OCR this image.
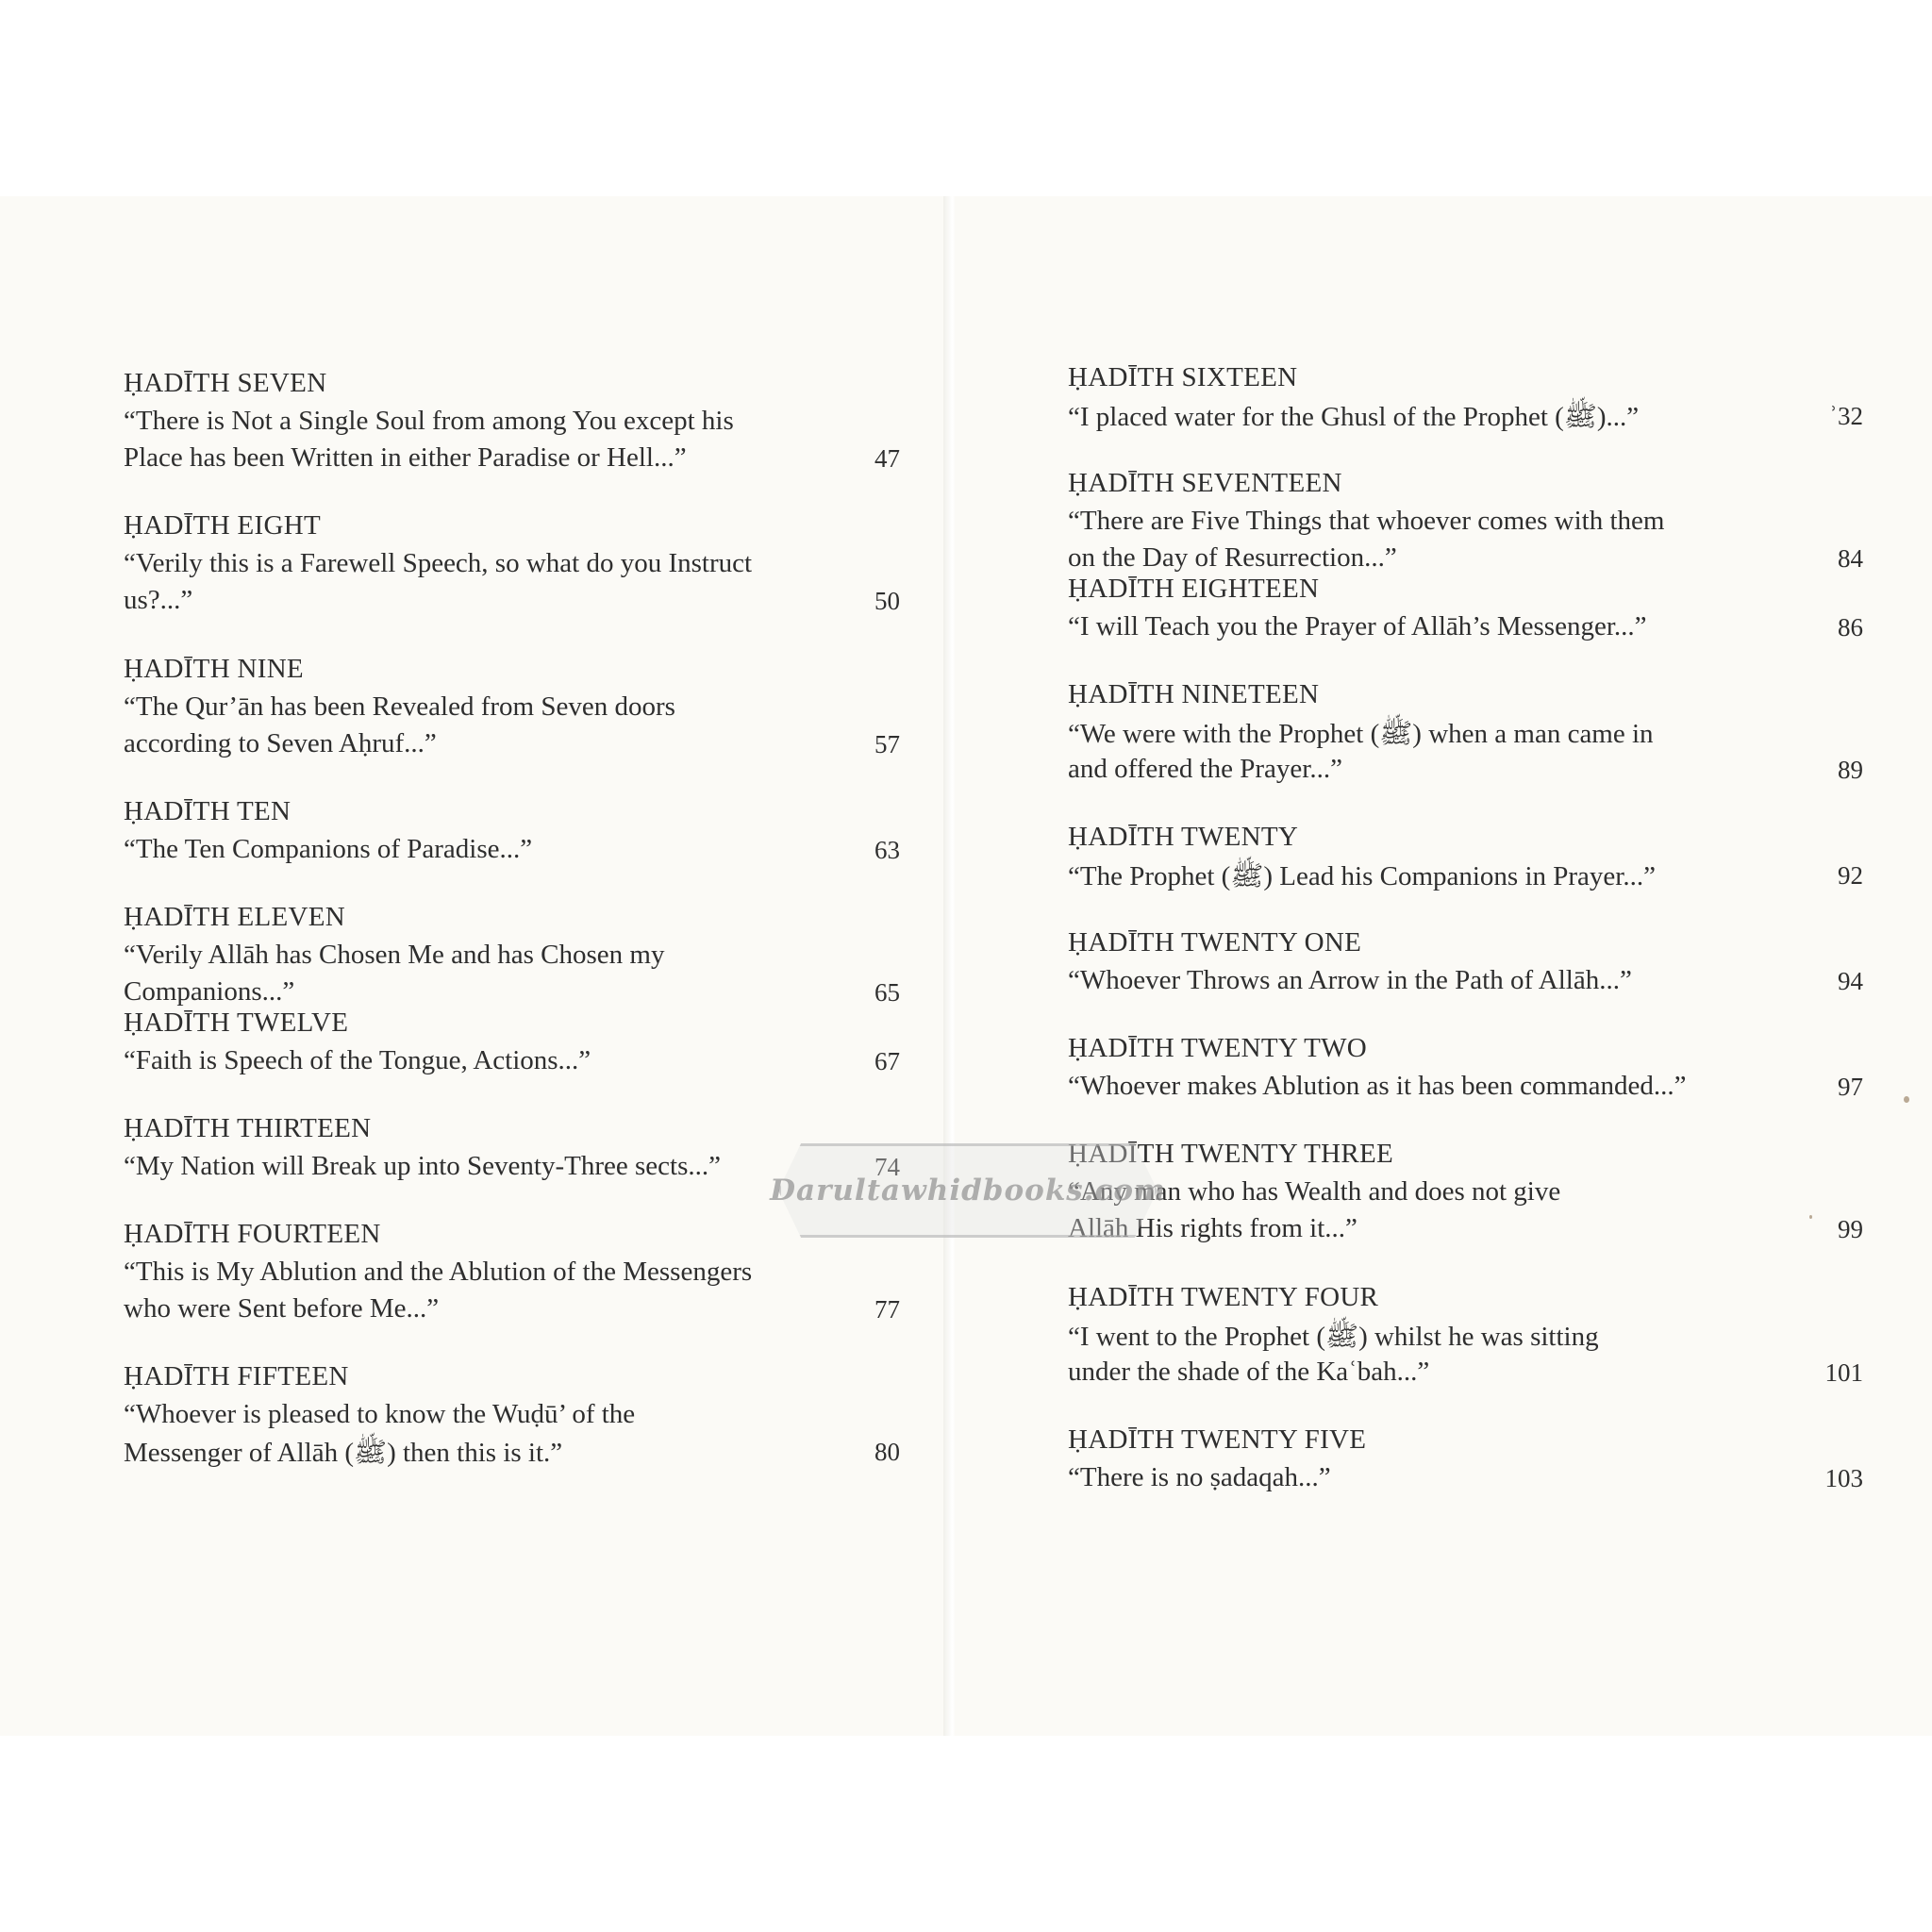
ḤADĪTH SEVEN
“There is Not a Single Soul from among You except his
Place has been Written in either Paradise or Hell...”	47
ḤADĪTH EIGHT
“Verily this is a Farewell Speech, so what do you Instruct
us?...”	50
ḤADĪTH NINE
“The Qur’ān has been Revealed from Seven doors
according to Seven Aḥruf...”	57
ḤADĪTH TEN
“The Ten Companions of Paradise...”	63
ḤADĪTH ELEVEN
“Verily Allāh has Chosen Me and has Chosen my
Companions...”	65
ḤADĪTH TWELVE
“Faith is Speech of the Tongue, Actions...”	67
ḤADĪTH THIRTEEN
“My Nation will Break up into Seventy-Three sects...”	74
ḤADĪTH FOURTEEN
“This is My Ablution and the Ablution of the Messengers
who were Sent before Me...”	77
ḤADĪTH FIFTEEN
“Whoever is pleased to know the Wuḍū’ of the
Messenger of Allāh (ﷺ) then this is it.”	80
ḤADĪTH SIXTEEN
“I placed water for the Ghusl of the Prophet (ﷺ)...”	ʾ32
ḤADĪTH SEVENTEEN
“There are Five Things that whoever comes with them
on the Day of Resurrection...”	84
ḤADĪTH EIGHTEEN
“I will Teach you the Prayer of Allāh’s Messenger...”	86
ḤADĪTH NINETEEN
“We were with the Prophet (ﷺ) when a man came in
and offered the Prayer...”	89
ḤADĪTH TWENTY
“The Prophet (ﷺ) Lead his Companions in Prayer...”	92
ḤADĪTH TWENTY ONE
“Whoever Throws an Arrow in the Path of Allāh...”	94
ḤADĪTH TWENTY TWO
“Whoever makes Ablution as it has been commanded...”	97
ḤADĪTH TWENTY THREE
“Any man who has Wealth and does not give
Allāh His rights from it...”	99
ḤADĪTH TWENTY FOUR
“I went to the Prophet (ﷺ) whilst he was sitting
under the shade of the Kaʿbah...”	101
ḤADĪTH TWENTY FIVE
“There is no ṣadaqah...”	103
Darultawhidbooks.com
